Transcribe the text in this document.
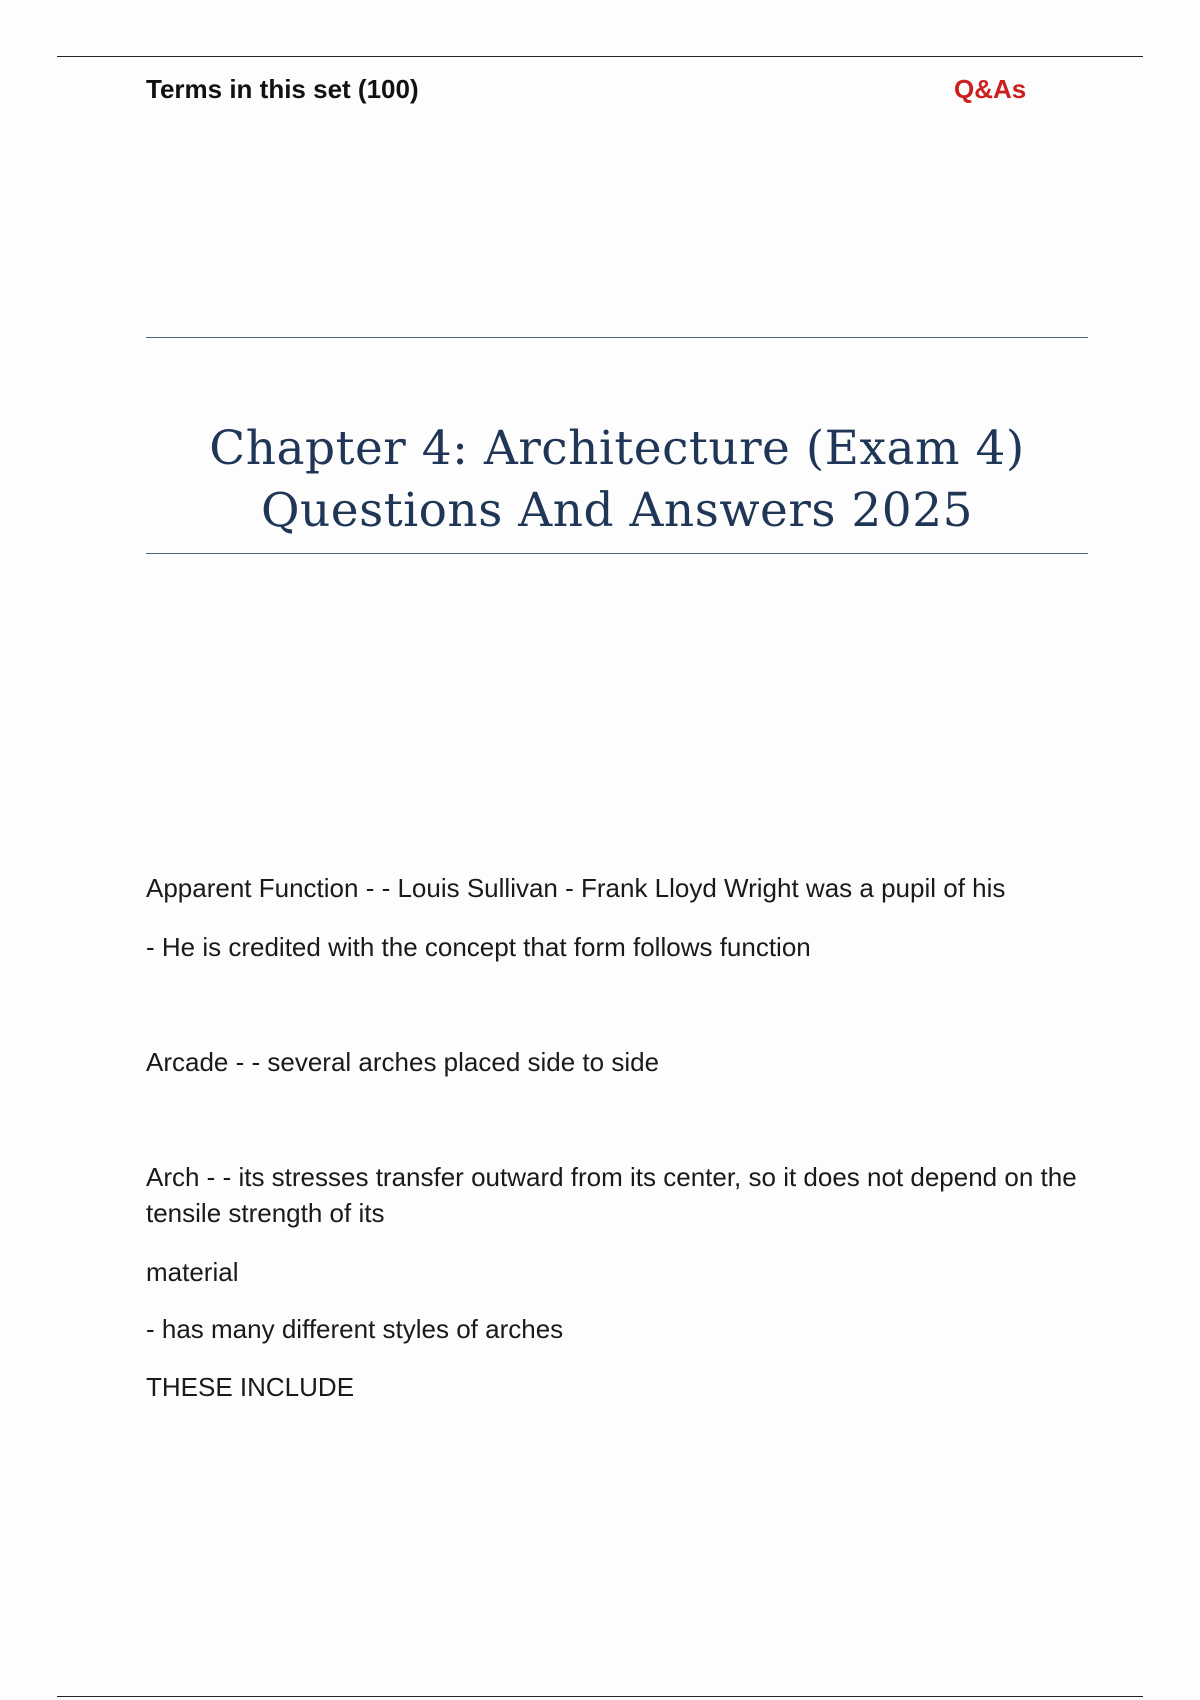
Terms in this set (100)	Q&As
Chapter 4: Architecture (Exam 4)
Questions And Answers 2025
Apparent Function - - Louis Sullivan - Frank Lloyd Wright was a pupil of his
- He is credited with the concept that form follows function
Arcade - - several arches placed side to side
Arch - - its stresses transfer outward from its center, so it does not depend on the tensile strength of its
material
- has many different styles of arches
THESE INCLUDE
